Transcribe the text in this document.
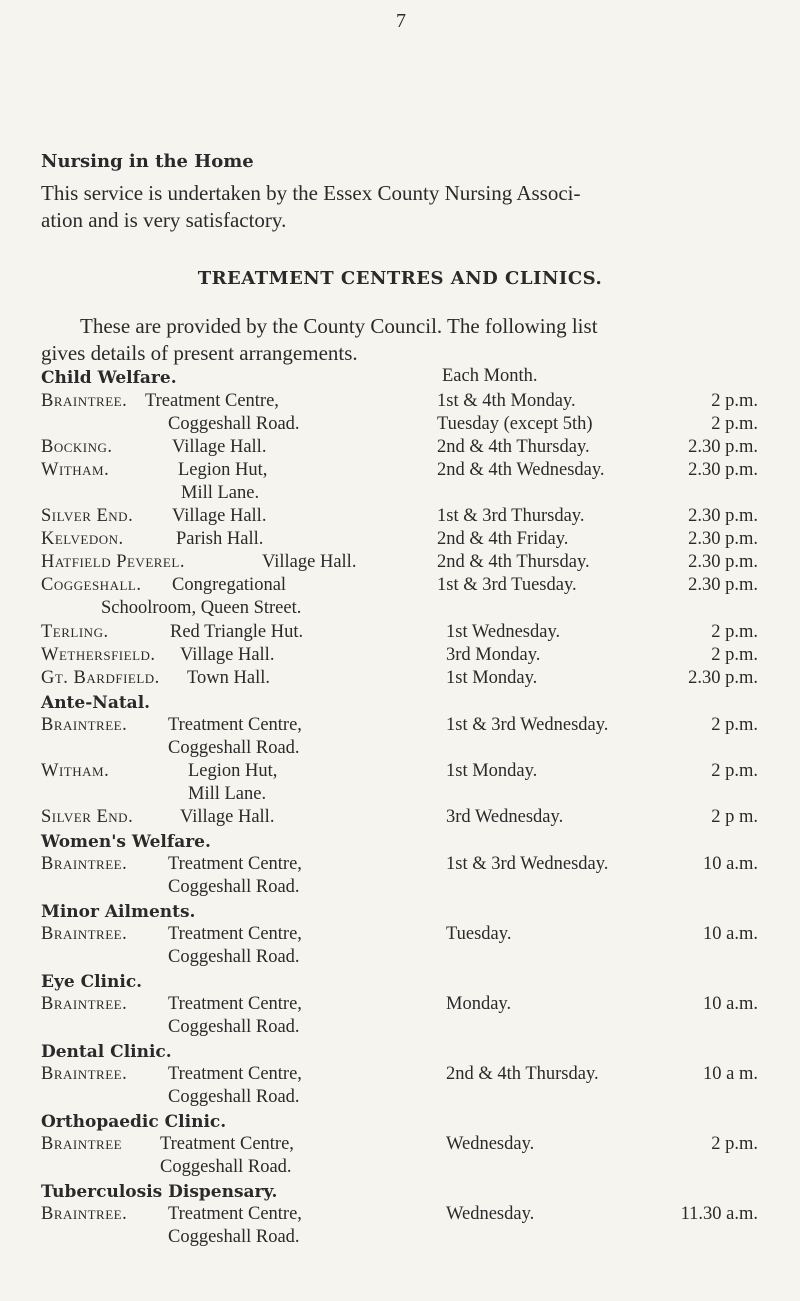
7
Nursing in the Home
This service is undertaken by the Essex County Nursing Associ-
ation and is very satisfactory.
TREATMENT CENTRES AND CLINICS.
These are provided by the County Council. The following list
gives details of present arrangements.
Child Welfare.	Each Month.
Braintree. Treatment Centre,	1st & 4th Monday.	2 p.m.
Coggeshall Road.	Tuesday (except 5th)	2 p.m.
Bocking.	Village Hall.	2nd & 4th Thursday.	2.30 p.m.
Witham.	Legion Hut,	2nd & 4th Wednesday.	2.30 p.m.
Mill Lane.
Silver End. Village Hall.	1st & 3rd Thursday.	2.30 p.m.
Kelvedon.	Parish Hall.	2nd & 4th Friday.	2.30 p.m.
Hatfield Peverel.	Village Hall.	2nd & 4th Thursday.	2.30 p.m.
Coggeshall. Congregational	1st & 3rd Tuesday.	2.30 p.m.
Schoolroom, Queen Street.
Terling.	Red Triangle Hut.	1st Wednesday.	2 p.m.
Wethersfield. Village Hall.	3rd Monday.	2 p.m.
Gt. Bardfield. Town Hall.	1st Monday.	2.30 p.m.
Ante-Natal.
Braintree. Treatment Centre,	1st & 3rd Wednesday.	2 p.m.
Coggeshall Road.
Witham.	Legion Hut,	1st Monday.	2 p.m.
Mill Lane.
Silver End.	Village Hall.	3rd Wednesday.	2 p m.
Women's Welfare.
Braintree. Treatment Centre,	1st & 3rd Wednesday.	10 a.m.
Coggeshall Road.
Minor Ailments.
Braintree. Treatment Centre,	Tuesday.	10 a.m.
Coggeshall Road.
Eye Clinic.
Braintree. Treatment Centre,	Monday.	10 a.m.
Coggeshall Road.
Dental Clinic.
Braintree. Treatment Centre,	2nd & 4th Thursday.	10 a m.
Coggeshall Road.
Orthopaedic Clinic.
Braintree Treatment Centre,	Wednesday.	2 p.m.
Coggeshall Road.
Tuberculosis Dispensary.
Braintree. Treatment Centre,	Wednesday.	11.30 a.m.
Coggeshall Road.
